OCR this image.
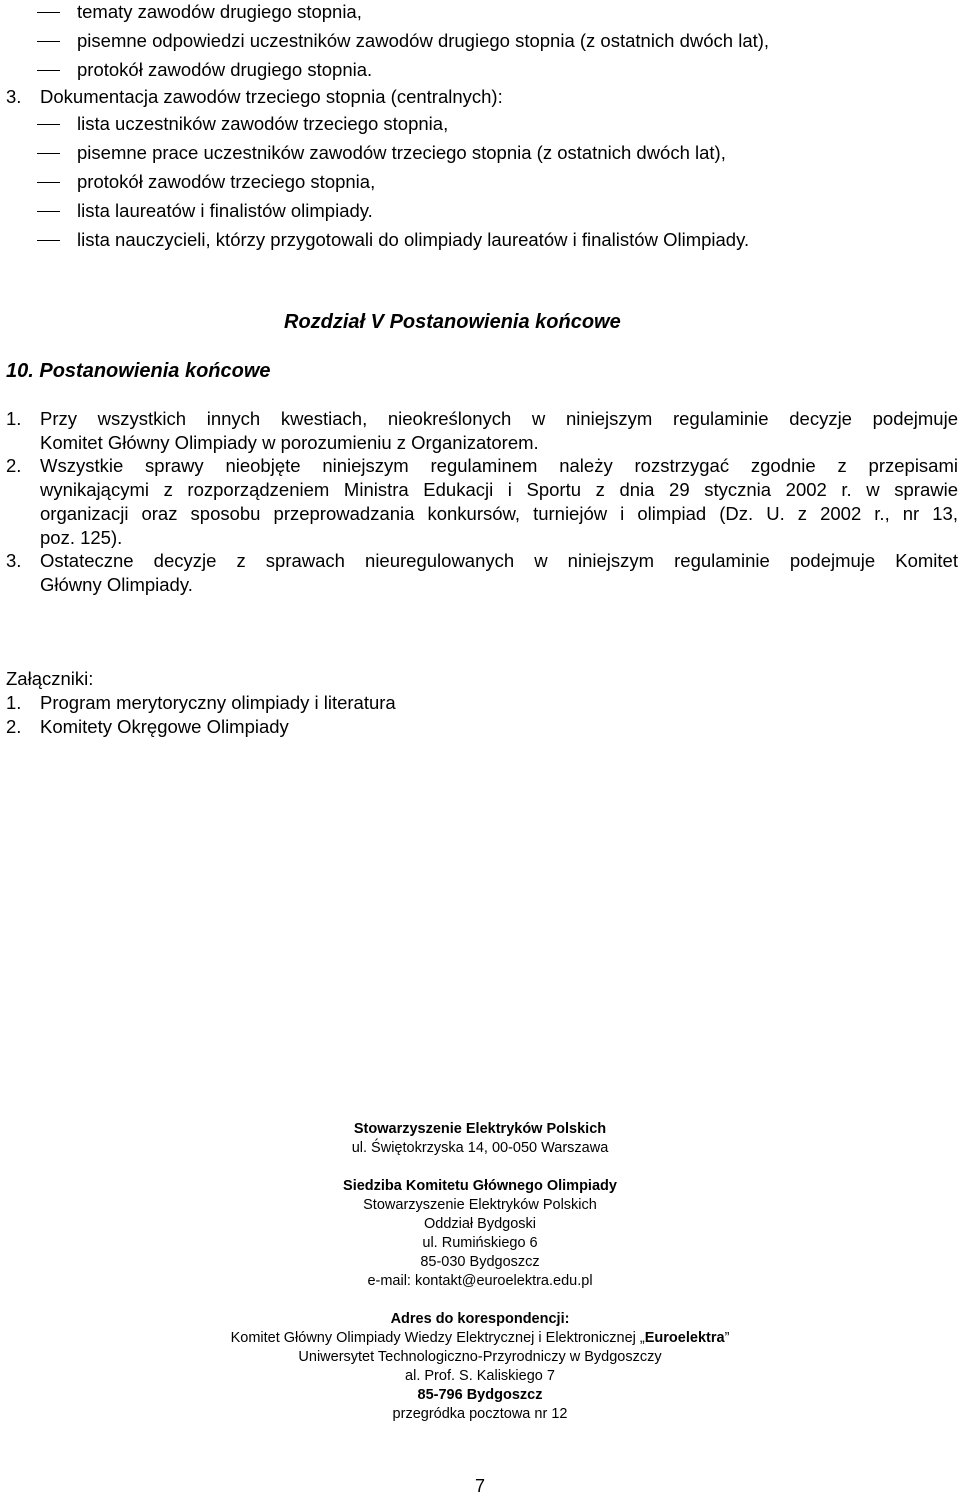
tematy zawodów drugiego stopnia,
pisemne odpowiedzi uczestników zawodów drugiego stopnia (z ostatnich dwóch lat),
protokół zawodów drugiego stopnia.
3. Dokumentacja zawodów trzeciego stopnia (centralnych):
lista uczestników zawodów trzeciego stopnia,
pisemne prace uczestników zawodów trzeciego stopnia (z ostatnich dwóch lat),
protokół zawodów trzeciego stopnia,
lista laureatów i finalistów olimpiady.
lista nauczycieli, którzy przygotowali do olimpiady laureatów i finalistów Olimpiady.
Rozdział V Postanowienia końcowe
10. Postanowienia końcowe
1. Przy wszystkich innych kwestiach, nieokreślonych w niniejszym regulaminie decyzje podejmuje
Komitet Główny Olimpiady w porozumieniu z Organizatorem.
2. Wszystkie sprawy nieobjęte niniejszym regulaminem należy rozstrzygać zgodnie z przepisami
wynikającymi z rozporządzeniem Ministra Edukacji i Sportu z dnia 29 stycznia 2002 r. w sprawie
organizacji oraz sposobu przeprowadzania konkursów, turniejów i olimpiad (Dz. U. z 2002 r., nr 13,
poz. 125).
3. Ostateczne decyzje z sprawach nieuregulowanych w niniejszym regulaminie podejmuje Komitet
Główny Olimpiady.
Załączniki:
1. Program merytoryczny olimpiady i literatura
2. Komitety Okręgowe Olimpiady
Stowarzyszenie Elektryków Polskich
ul. Świętokrzyska 14, 00-050 Warszawa
Siedziba Komitetu Głównego Olimpiady
Stowarzyszenie Elektryków Polskich
Oddział Bydgoski
ul. Rumińskiego 6
85-030 Bydgoszcz
e-mail: kontakt@euroelektra.edu.pl
Adres do korespondencji:
Komitet Główny Olimpiady Wiedzy Elektrycznej i Elektronicznej „Euroelektra”
Uniwersytet Technologiczno-Przyrodniczy w Bydgoszczy
al. Prof. S. Kaliskiego 7
85-796 Bydgoszcz
przegródka pocztowa nr 12
7
